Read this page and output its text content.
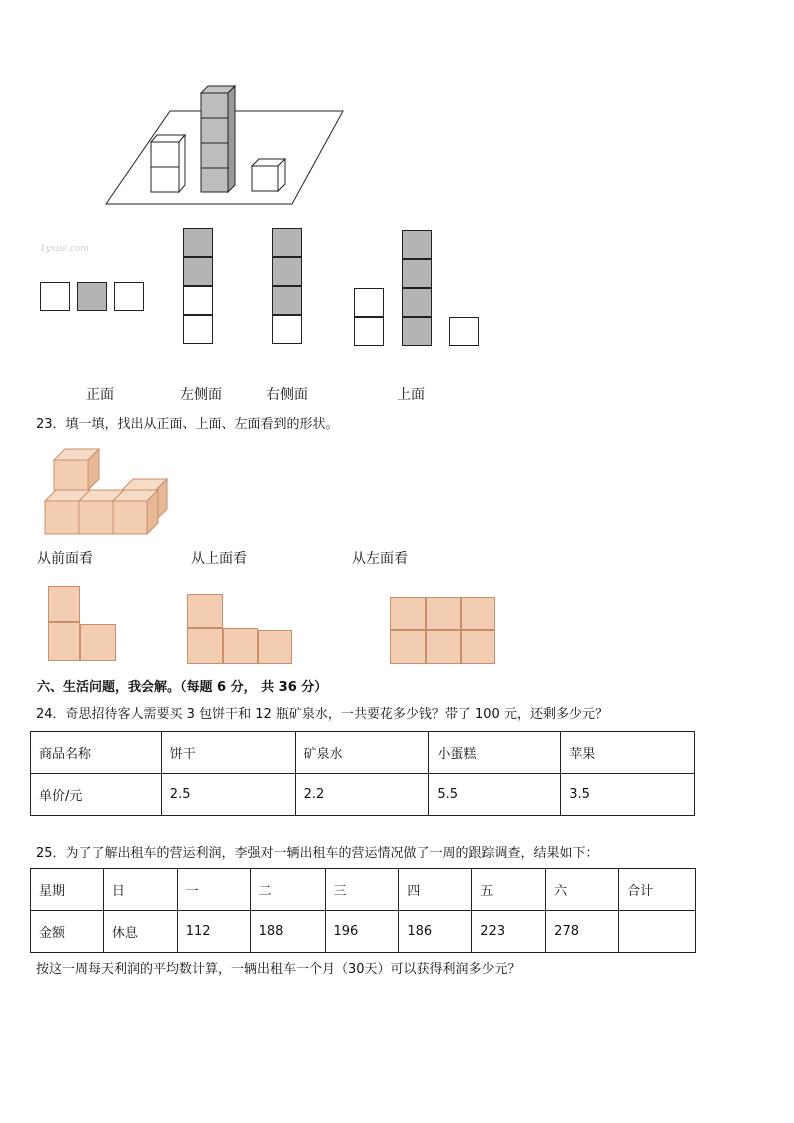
1yxue.com
正面	左侧面	右侧面	上面
23．填一填，找出从正面、上面、左面看到的形状。
从前面看	从上面看	从左面看
六、生活问题，我会解。（每题 6 分， 共 36 分）
24．奇思招待客人需要买 3 包饼干和 12 瓶矿泉水，一共要花多少钱？带了 100 元，还剩多少元？
商品名称	饼干	矿泉水	小蛋糕	苹果
单价/元	2.5	2.2	5.5	3.5
25．为了了解出租车的营运利润，李强对一辆出租车的营运情况做了一周的跟踪调查，结果如下：
星期	日	一	二	三	四	五	六	合计
金额	休息	112	188	196	186	223	278	
按这一周每天利润的平均数计算，一辆出租车一个月（30天）可以获得利润多少元？
